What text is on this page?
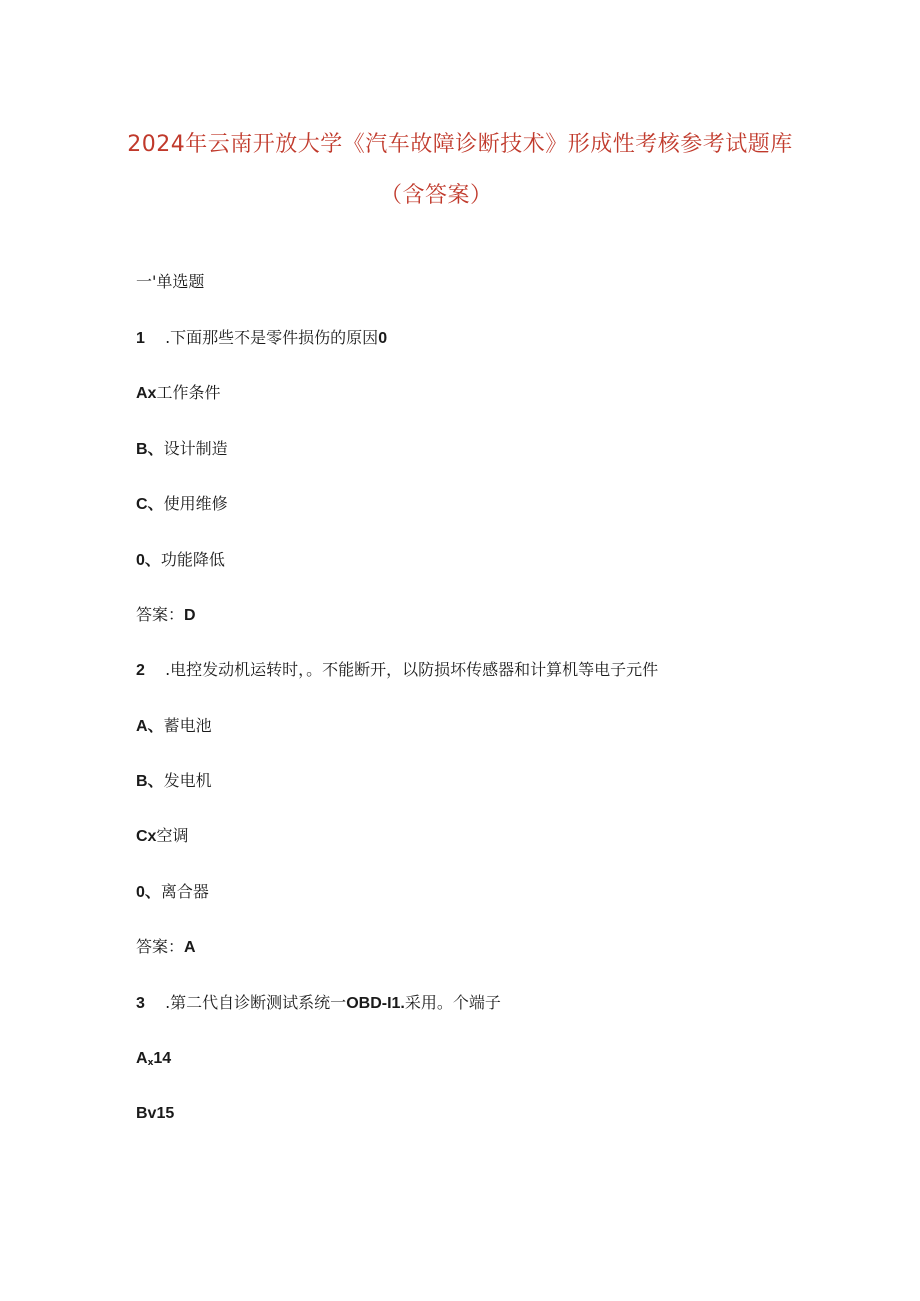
2024年云南开放大学《汽车故障诊断技术》形成性考核参考试题库
（含答案）
一'单选题
1 .下面那些不是零件损伤的原因0
Ax工作条件
B、设计制造
C、使用维修
0、功能降低
答案：D
2 .电控发动机运转时，。不能断开，以防损坏传感器和计算机等电子元件
A、蓄电池
B、发电机
Cx空调
0、离合器
答案：A
3 .第二代自诊断测试系统一OBD-I1.采用。个端子
$A_x14$
Bv15
